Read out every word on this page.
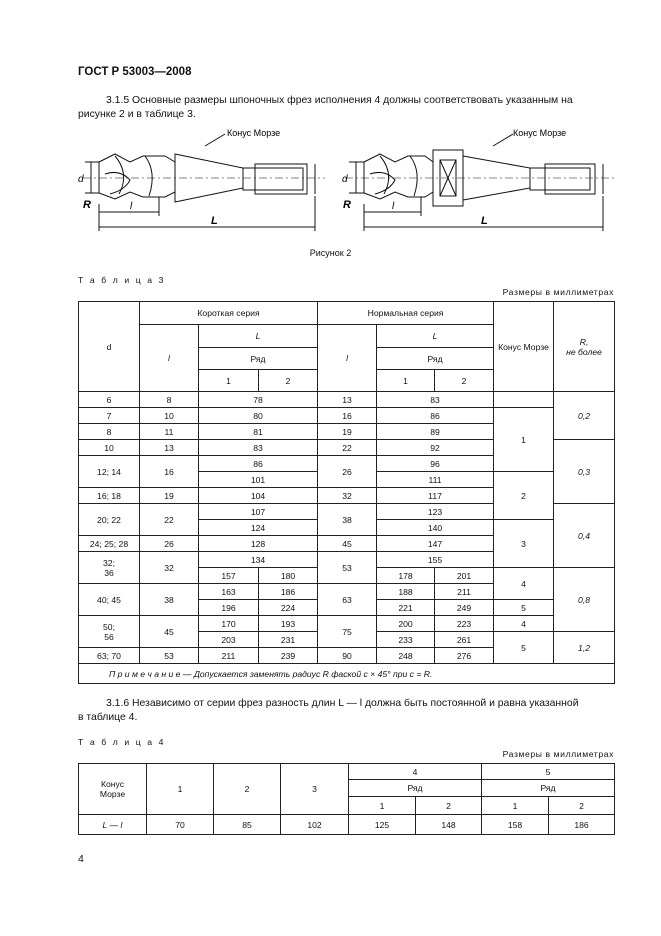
ГОСТ Р 53003—2008
3.1.5 Основные размеры шпоночных фрез исполнения 4 должны соответствовать указанным на
рисунке 2 и в таблице 3.
Конус Морзе	Конус Морзе
d	d
R	R
l	l
L	L
Рисунок 2
Т а б л и ц а 3
Размеры в миллиметрах
d	Короткая серия			Нормальная серия			Конус Морзе	R,
не более
	l	L		l	L			
		Ряд			Ряд			
		1	2		1	2		
6	8	78		13	83			0,2
7	10	80		16	86		1	
8	11	81		19	89			
10	13	83		22	92			0,3
12; 14	16	86		26	96			
		101			111		2	
16; 18	19	104		32	117			
20; 22	22	107		38	123			0,4
		124			140		3	
24; 25; 28	26	128		45	147			
32;
36	32	134		53	155			
		157	180		178	201	4	0,8
40; 45	38	163	186	63	188	211		
		196	224		221	249	5	
50;
56	45	170	193	75	200	223	4	
		203	231		233	261	5	1,2
63; 70	53	211	239	90	248	276		
П р и м е ч а н и е — Допускается заменять радиус R фаской c × 45° при c = R.								
3.1.6 Независимо от серии фрез разность длин L — l должна быть постоянной и равна указанной
в таблице 4.
Т а б л и ц а 4
Размеры в миллиметрах
Конус
Морзе	1	2	3	4		5	
				Ряд		Ряд	
				1	2	1	2
L — l	70	85	102	125	148	158	186
4
